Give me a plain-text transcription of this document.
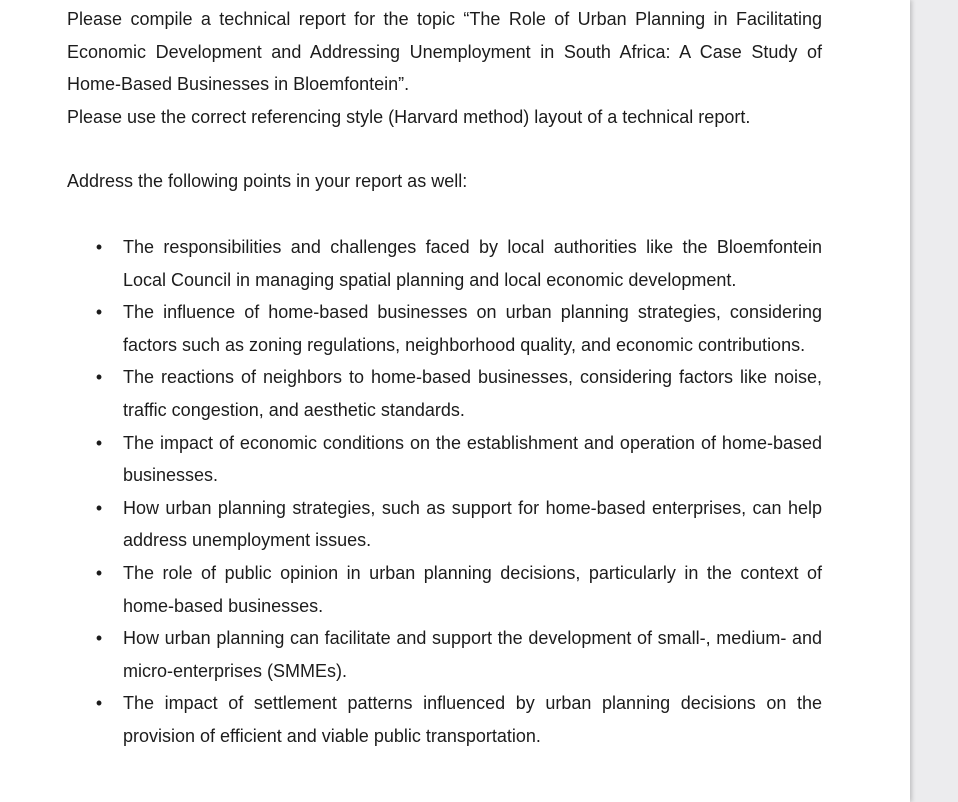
Please compile a technical report for the topic “The Role of Urban Planning in Facilitating Economic Development and Addressing Unemployment in South Africa: A Case Study of Home-Based Businesses in Bloemfontein”.

Please use the correct referencing style (Harvard method) layout of a technical report.

Address the following points in your report as well:

• The responsibilities and challenges faced by local authorities like the Bloemfontein Local Council in managing spatial planning and local economic development.
• The influence of home-based businesses on urban planning strategies, considering factors such as zoning regulations, neighborhood quality, and economic contributions.
• The reactions of neighbors to home-based businesses, considering factors like noise, traffic congestion, and aesthetic standards.
• The impact of economic conditions on the establishment and operation of home-based businesses.
• How urban planning strategies, such as support for home-based enterprises, can help address unemployment issues.
• The role of public opinion in urban planning decisions, particularly in the context of home-based businesses.
• How urban planning can facilitate and support the development of small-, medium- and micro-enterprises (SMMEs).
• The impact of settlement patterns influenced by urban planning decisions on the provision of efficient and viable public transportation.
